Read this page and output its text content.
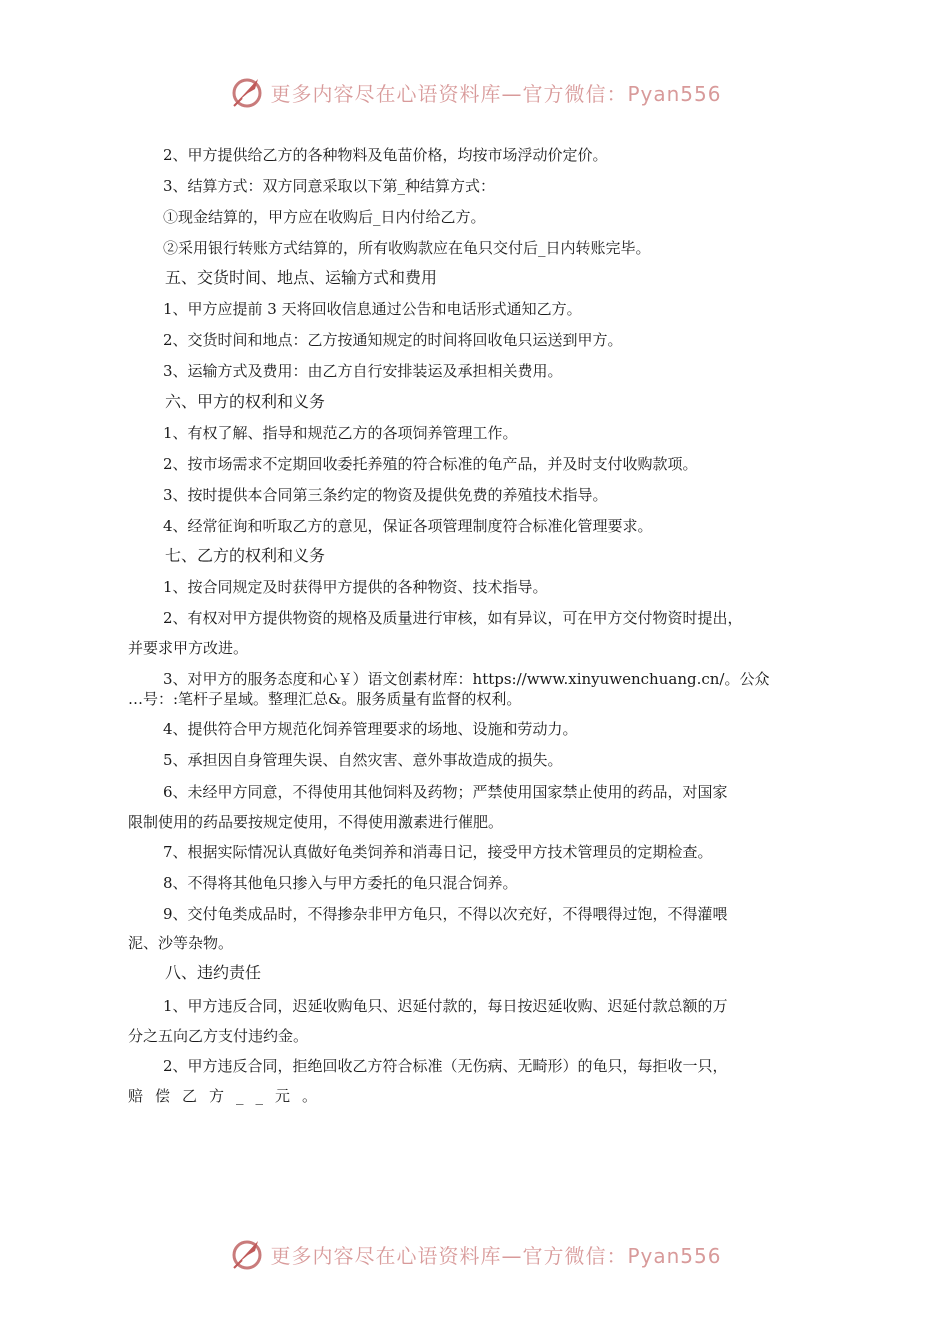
更多内容尽在心语资料库—官方微信：Pyan556
2、甲方提供给乙方的各种物料及龟苗价格，均按市场浮动价定价。
3、结算方式：双方同意采取以下第_种结算方式：
①现金结算的，甲方应在收购后_日内付给乙方。
②采用银行转账方式结算的，所有收购款应在龟只交付后_日内转账完毕。
五、交货时间、地点、运输方式和费用
1、甲方应提前 3 天将回收信息通过公告和电话形式通知乙方。
2、交货时间和地点：乙方按通知规定的时间将回收龟只运送到甲方。
3、运输方式及费用：由乙方自行安排装运及承担相关费用。
六、甲方的权利和义务
1、有权了解、指导和规范乙方的各项饲养管理工作。
2、按市场需求不定期回收委托养殖的符合标准的龟产品，并及时支付收购款项。
3、按时提供本合同第三条约定的物资及提供免费的养殖技术指导。
4、经常征询和听取乙方的意见，保证各项管理制度符合标准化管理要求。
七、乙方的权利和义务
1、按合同规定及时获得甲方提供的各种物资、技术指导。
2、有权对甲方提供物资的规格及质量进行审核，如有异议，可在甲方交付物资时提出，
并要求甲方改进。
3、对甲方的服务态度和心￥）语文创素材库：https://www.xinyuwenchuang.cn/。公众
…号：:笔杆子星域。整理汇总&。服务质量有监督的权利。
4、提供符合甲方规范化饲养管理要求的场地、设施和劳动力。
5、承担因自身管理失误、自然灾害、意外事故造成的损失。
6、未经甲方同意，不得使用其他饲料及药物；严禁使用国家禁止使用的药品，对国家
限制使用的药品要按规定使用，不得使用激素进行催肥。
7、根据实际情况认真做好龟类饲养和消毒日记，接受甲方技术管理员的定期检查。
8、不得将其他龟只掺入与甲方委托的龟只混合饲养。
9、交付龟类成品时，不得掺杂非甲方龟只，不得以次充好，不得喂得过饱，不得灌喂
泥、沙等杂物。
八、违约责任
1、甲方违反合同，迟延收购龟只、迟延付款的，每日按迟延收购、迟延付款总额的万
分之五向乙方支付违约金。
2、甲方违反合同，拒绝回收乙方符合标准（无伤病、无畸形）的龟只，每拒收一只，
赔偿乙方__元。
更多内容尽在心语资料库—官方微信：Pyan556
